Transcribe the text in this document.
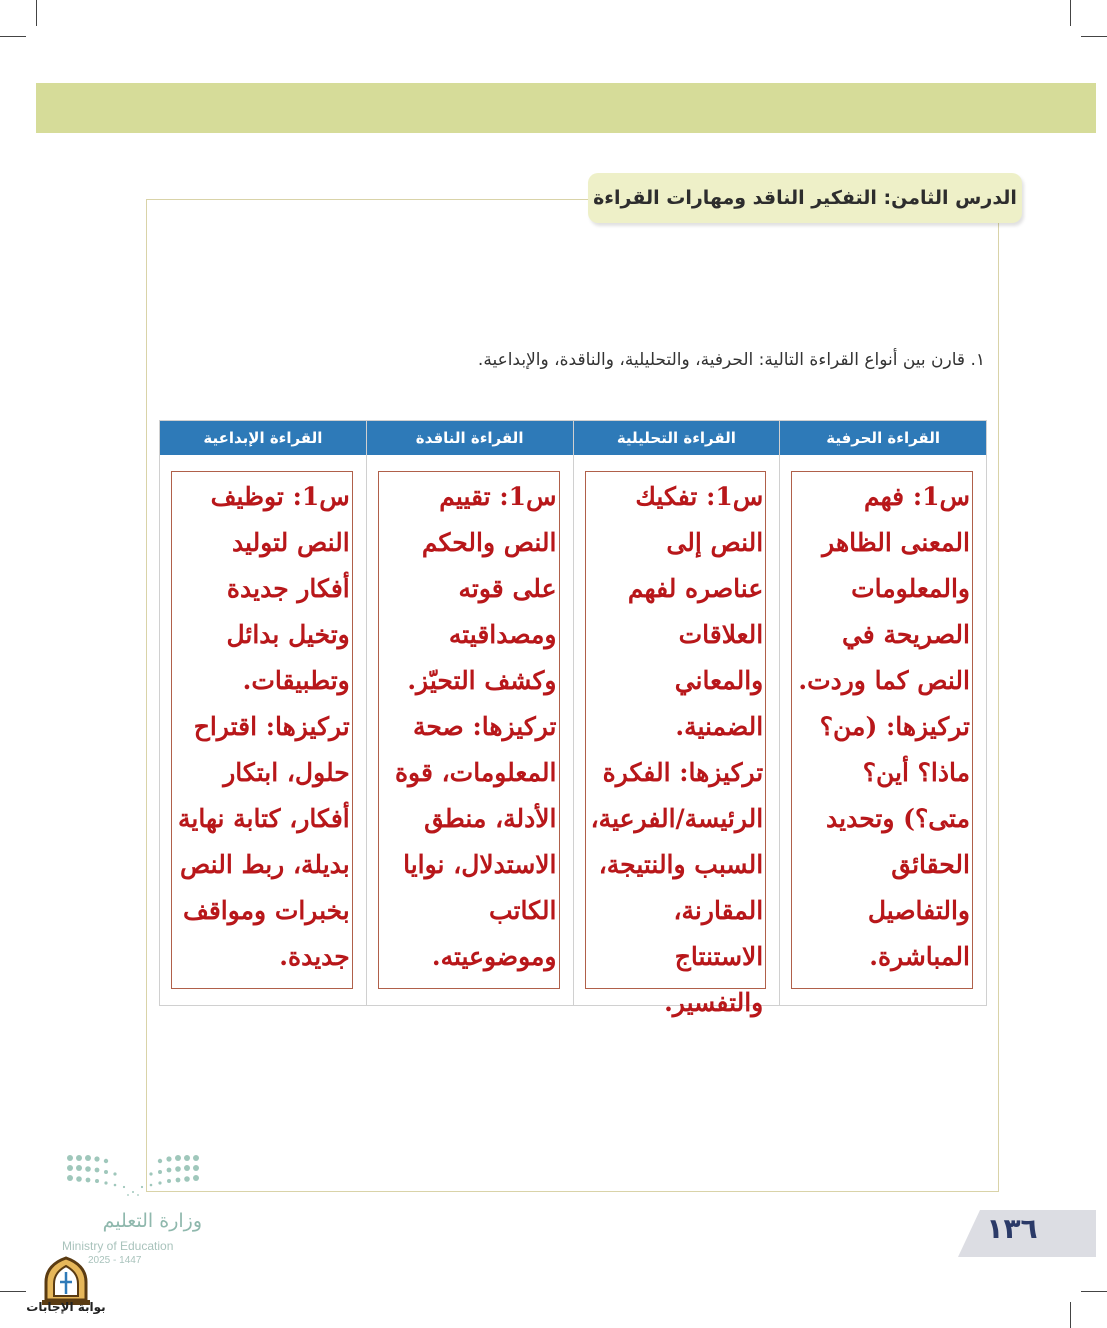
الدرس الثامن: التفكير الناقد ومهارات القراءة
١. قارن بين أنواع القراءة التالية: الحرفية، والتحليلية، والناقدة، والإبداعية.
القراءة الحرفية
س1: فهم المعنى الظاهر والمعلومات الصريحة في النص كما وردت. تركيزها: (من؟ ماذا؟ أين؟ متى؟) وتحديد الحقائق والتفاصيل المباشرة.
القراءة التحليلية
س1: تفكيك النص إلى عناصره لفهم العلاقات والمعاني الضمنية. تركيزها: الفكرة الرئيسة/الفرعية، السبب والنتيجة، المقارنة، الاستنتاج والتفسير.
القراءة الناقدة
س1: تقييم النص والحكم على قوته ومصداقيته وكشف التحيّز. تركيزها: صحة المعلومات، قوة الأدلة، منطق الاستدلال، نوايا الكاتب وموضوعيته.
القراءة الإبداعية
س1: توظيف النص لتوليد أفكار جديدة وتخيل بدائل وتطبيقات. تركيزها: اقتراح حلول، ابتكار أفكار، كتابة نهاية بديلة، ربط النص بخبرات ومواقف جديدة.
وزارة التعليم
Ministry of Education
2025 - 1447
١٣٦
بوابة الإجابات
